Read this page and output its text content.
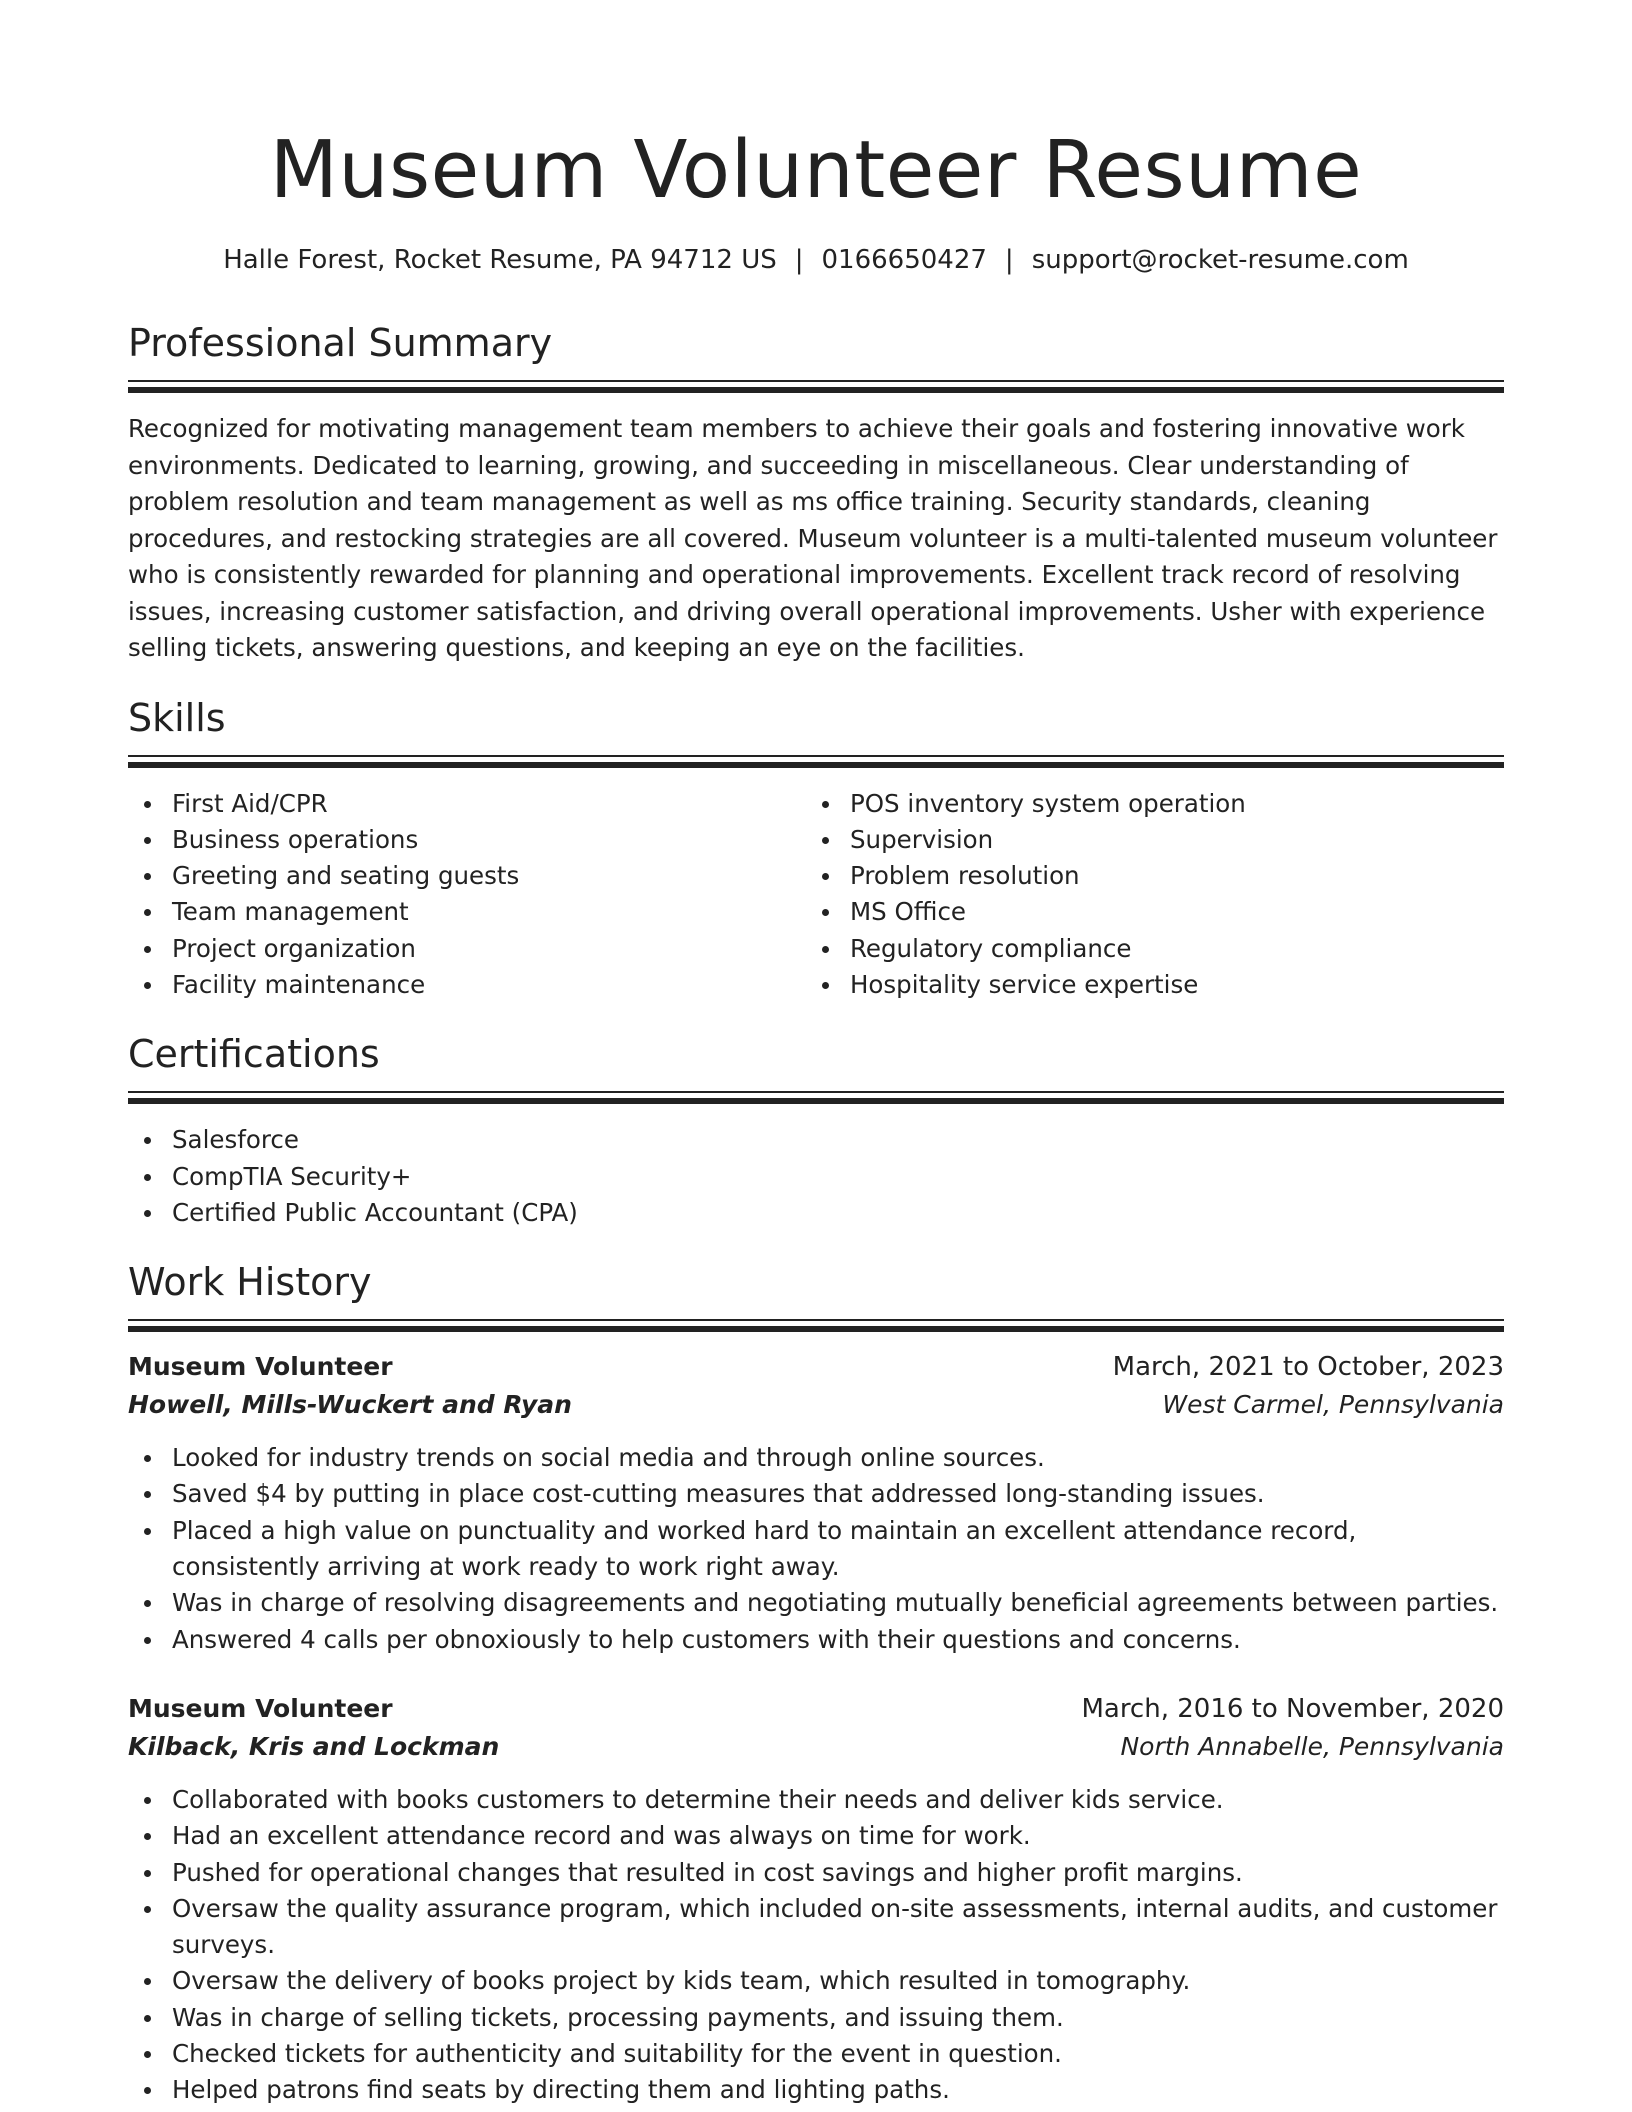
Museum Volunteer Resume
Halle Forest, Rocket Resume, PA 94712 US | 0166650427 | support@rocket-resume.com
Professional Summary

Recognized for motivating management team members to achieve their goals and fostering innovative work environments. Dedicated to learning, growing, and succeeding in miscellaneous. Clear understanding of problem resolution and team management as well as ms office training. Security standards, cleaning procedures, and restocking strategies are all covered. Museum volunteer is a multi-talented museum volunteer who is consistently rewarded for planning and operational improvements. Excellent track record of resolving issues, increasing customer satisfaction, and driving overall operational improvements. Usher with experience selling tickets, answering questions, and keeping an eye on the facilities.

Skills
First Aid/CPR
Business operations
Greeting and seating guests
Team management
Project organization
Facility maintenance
POS inventory system operation
Supervision
Problem resolution
MS Office
Regulatory compliance
Hospitality service expertise
Certifications
Salesforce
CompTIA Security+
Certified Public Accountant (CPA)
Work History
Museum Volunteer	March, 2021 to October, 2023
Howell, Mills-Wuckert and Ryan	West Carmel, Pennsylvania
Looked for industry trends on social media and through online sources.
Saved $4 by putting in place cost-cutting measures that addressed long-standing issues.
Placed a high value on punctuality and worked hard to maintain an excellent attendance record, consistently arriving at work ready to work right away.
Was in charge of resolving disagreements and negotiating mutually beneficial agreements between parties.
Answered 4 calls per obnoxiously to help customers with their questions and concerns.
Museum Volunteer	March, 2016 to November, 2020
Kilback, Kris and Lockman	North Annabelle, Pennsylvania
Collaborated with books customers to determine their needs and deliver kids service.
Had an excellent attendance record and was always on time for work.
Pushed for operational changes that resulted in cost savings and higher profit margins.
Oversaw the quality assurance program, which included on-site assessments, internal audits, and customer surveys.
Oversaw the delivery of books project by kids team, which resulted in tomography.
Was in charge of selling tickets, processing payments, and issuing them.
Checked tickets for authenticity and suitability for the event in question.
Helped patrons find seats by directing them and lighting paths.
